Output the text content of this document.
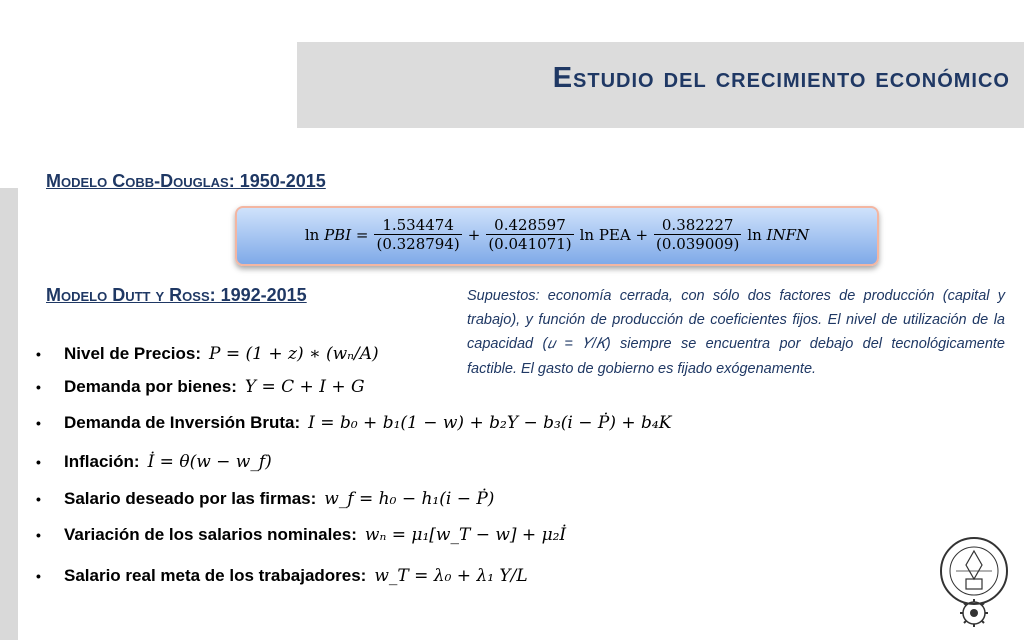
Estudio del crecimiento económico
Modelo Cobb-Douglas: 1950-2015
ln 𝑃𝐵𝐼 = $\frac{1.534474}{(0.328794)} + \frac{0.428597}{(0.041071)}$ ln PEA + $\frac{0.382227}{(0.039009)}$ ln 𝐼𝑁𝐹𝑁
Modelo Dutt y Ross: 1992-2015	Supuestos: economía cerrada, con sólo dos factores de producción (capital y trabajo), y función de producción de coeficientes fijos. El nivel de utilización de la capacidad (𝑢 = 𝑌/𝐾) siempre se encuentra por debajo del tecnológicamente factible. El gasto de gobierno es fijado exógenamente.

•	Nivel de Precios: 𝑃 = (1 + 𝑧) ∗ (𝑤ₙ/𝐴)
•	Demanda por bienes: 𝑌 = 𝐶 + 𝐼 + 𝐺
•	Demanda de Inversión Bruta: 𝐼 = 𝑏₀ + 𝑏₁(1 − 𝑤) + 𝑏₂𝑌 − 𝑏₃(𝑖 − Ṗ) + 𝑏₄𝐾
•	Inflación: İ = 𝜃(𝑤 − 𝑤_f)
•	Salario deseado por las firmas: 𝑤_f = ℎ₀ − ℎ₁(𝑖 − Ṗ)
•	Variación de los salarios nominales: 𝑤ₙ = 𝜇₁[𝑤_T − 𝑤] + 𝜇₂İ
•	Salario real meta de los trabajadores: 𝑤_T = 𝜆₀ + 𝜆₁ 𝑌/𝐿
